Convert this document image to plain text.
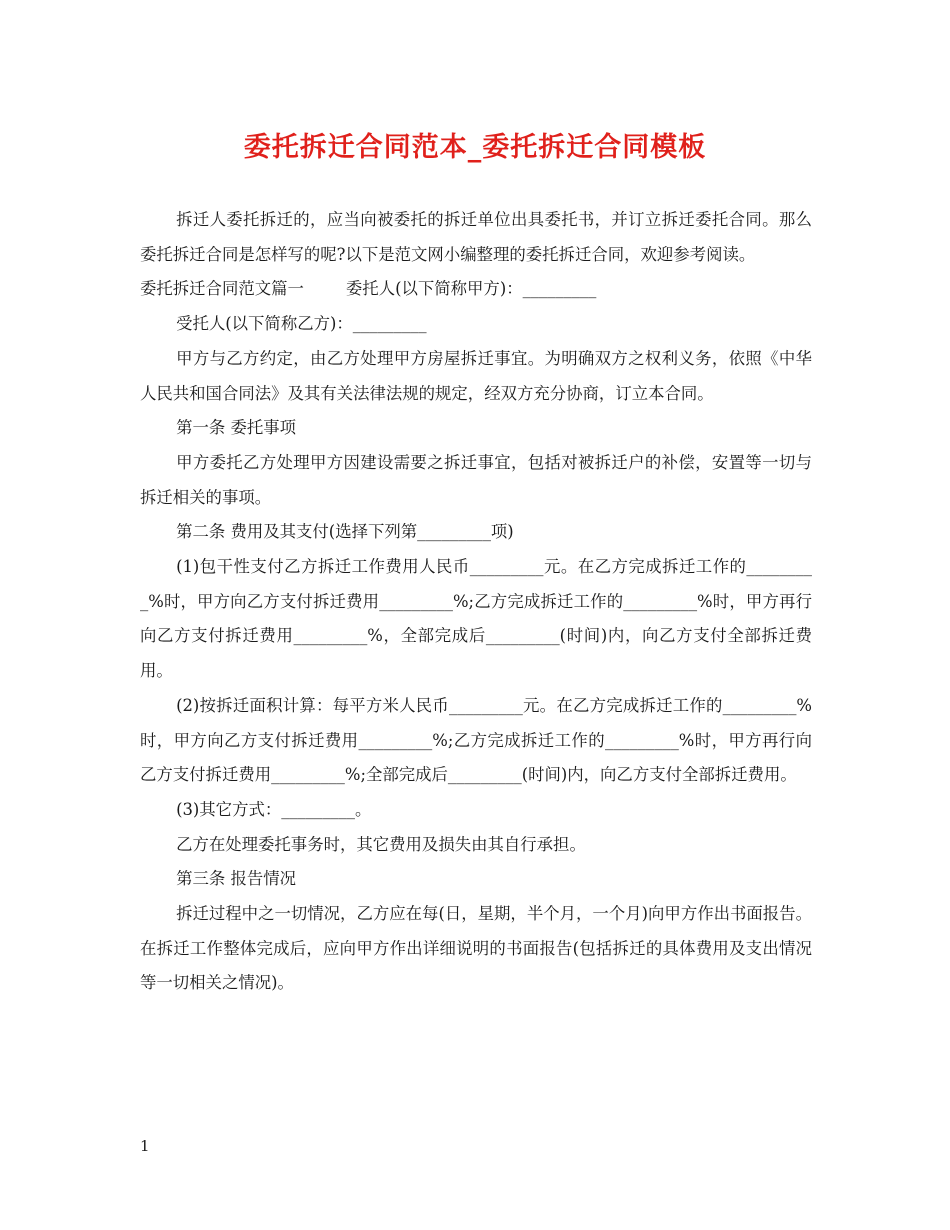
委托拆迁合同范本_委托拆迁合同模板

拆迁人委托拆迁的，应当向被委托的拆迁单位出具委托书，并订立拆迁委托合同。那么委托拆迁合同是怎样写的呢?以下是范文网小编整理的委托拆迁合同，欢迎参考阅读。

委托拆迁合同范文篇一	委托人(以下简称甲方)：_________

受托人(以下简称乙方)：_________

甲方与乙方约定，由乙方处理甲方房屋拆迁事宜。为明确双方之权利义务，依照《中华人民共和国合同法》及其有关法律法规的规定，经双方充分协商，订立本合同。

第一条 委托事项

甲方委托乙方处理甲方因建设需要之拆迁事宜，包括对被拆迁户的补偿，安置等一切与拆迁相关的事项。

第二条 费用及其支付(选择下列第_________项)

(1)包干性支付乙方拆迁工作费用人民币_________元。在乙方完成拆迁工作的_________%时，甲方向乙方支付拆迁费用_________%;乙方完成拆迁工作的_________%时，甲方再行向乙方支付拆迁费用_________%，全部完成后_________(时间)内，向乙方支付全部拆迁费用。

(2)按拆迁面积计算：每平方米人民币_________元。在乙方完成拆迁工作的_________%时，甲方向乙方支付拆迁费用_________%;乙方完成拆迁工作的_________%时，甲方再行向乙方支付拆迁费用_________%;全部完成后_________(时间)内，向乙方支付全部拆迁费用。

(3)其它方式：_________。

乙方在处理委托事务时，其它费用及损失由其自行承担。

第三条 报告情况

拆迁过程中之一切情况，乙方应在每(日，星期，半个月，一个月)向甲方作出书面报告。在拆迁工作整体完成后，应向甲方作出详细说明的书面报告(包括拆迁的具体费用及支出情况等一切相关之情况)。

1
